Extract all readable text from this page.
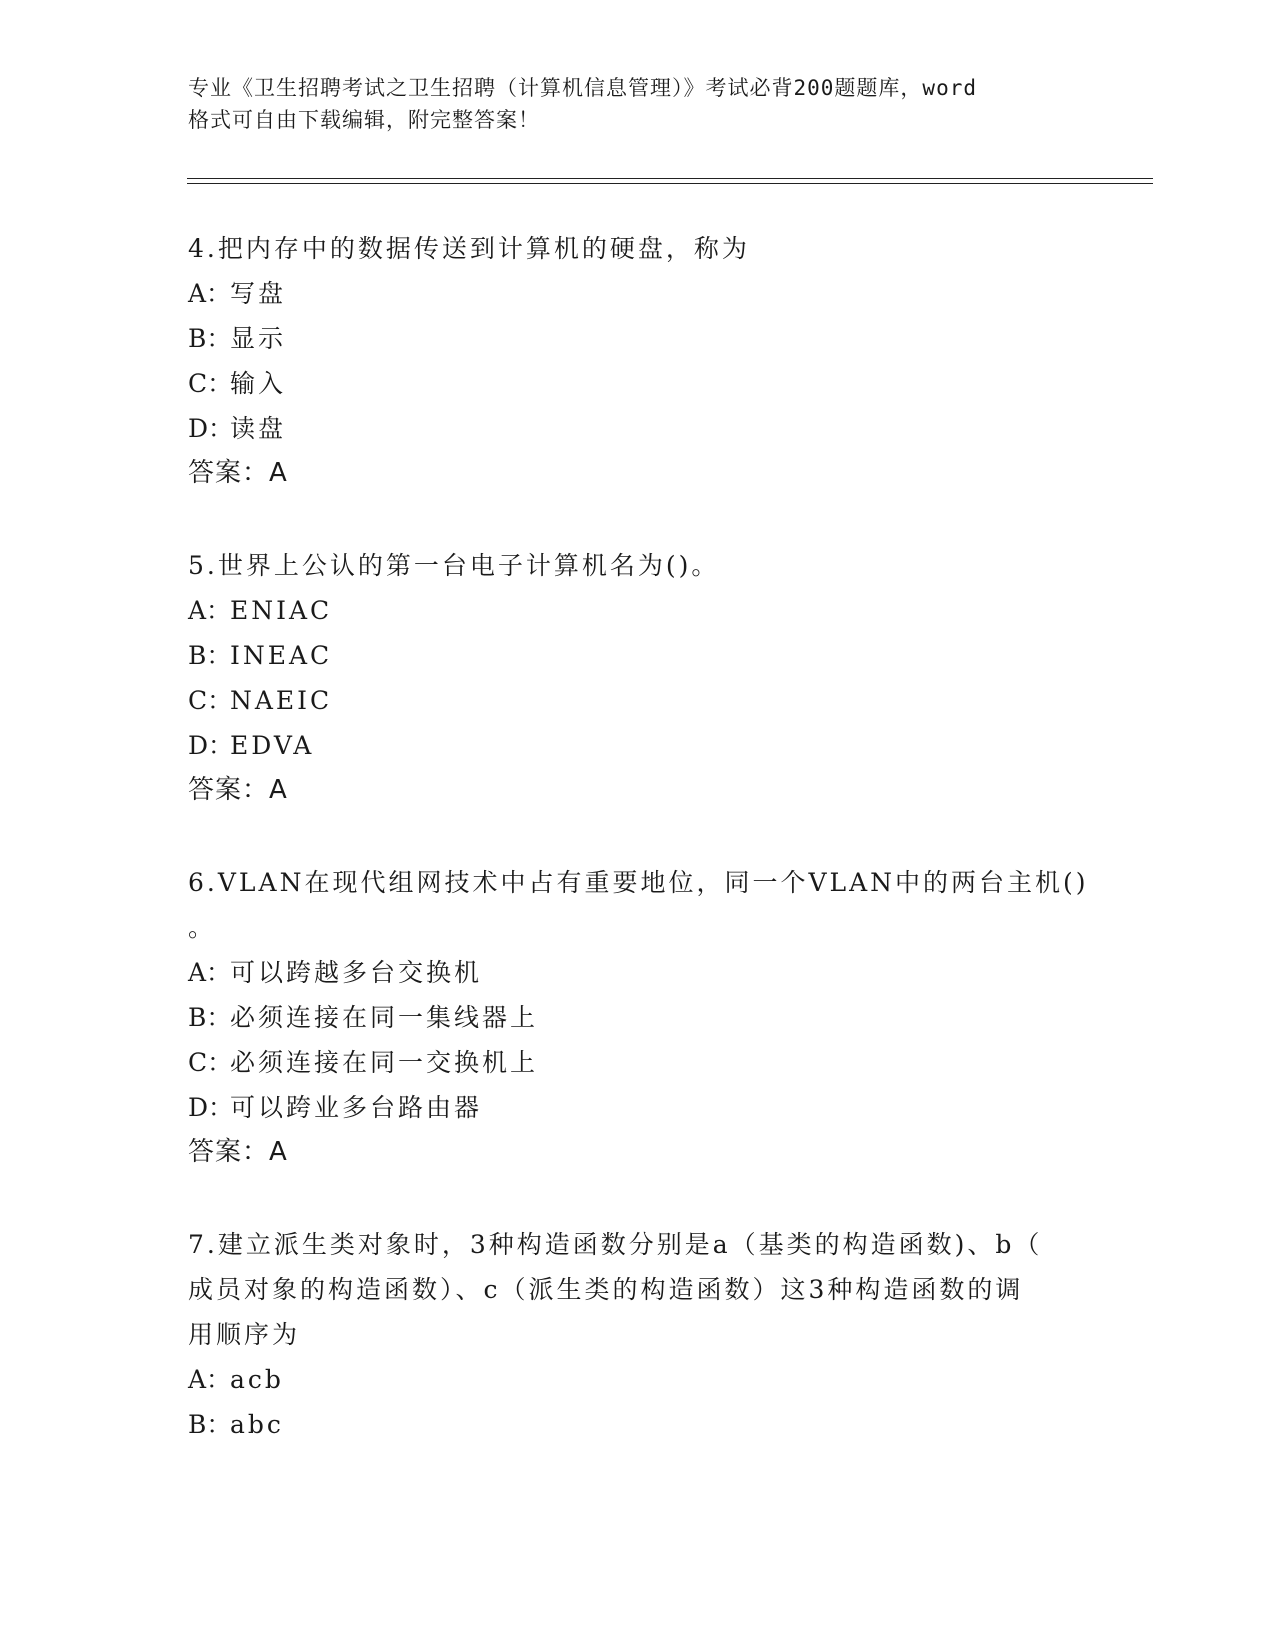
专业《卫生招聘考试之卫生招聘（计算机信息管理）》考试必背200题题库，word
格式可自由下载编辑，附完整答案！
4.把内存中的数据传送到计算机的硬盘，称为
A：写盘
B：显示
C：输入
D：读盘
答案：A
5.世界上公认的第一台电子计算机名为()。
A：ENIAC
B：INEAC
C：NAEIC
D：EDVA
答案：A
6.VLAN在现代组网技术中占有重要地位，同一个VLAN中的两台主机()
。
A：可以跨越多台交换机
B：必须连接在同一集线器上
C：必须连接在同一交换机上
D：可以跨业多台路由器
答案：A
7.建立派生类对象时，3种构造函数分别是a（基类的构造函数)、b（
成员对象的构造函数）、c（派生类的构造函数）这3种构造函数的调
用顺序为
A：acb
B：abc
